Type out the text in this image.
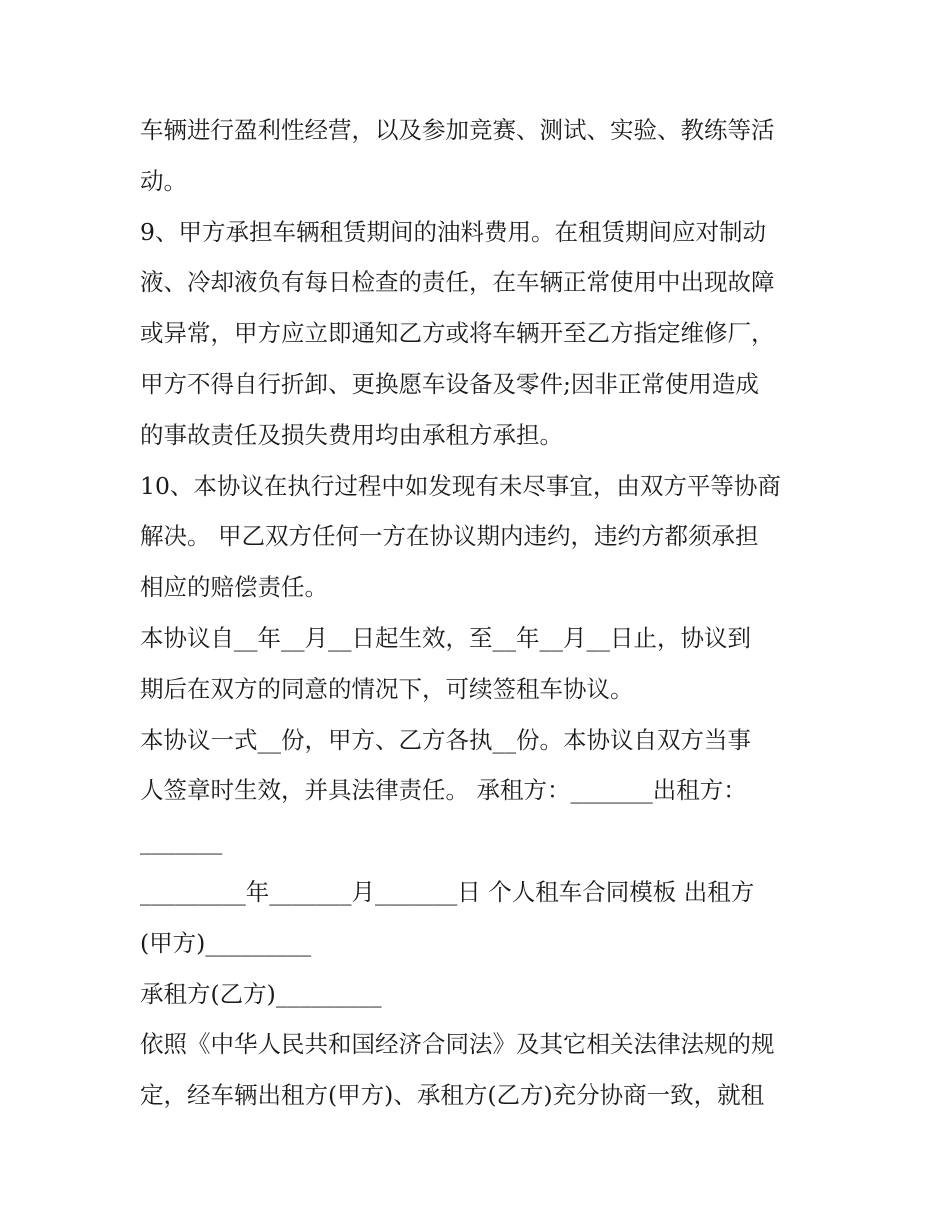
车辆进行盈利性经营，以及参加竞赛、测试、实验、教练等活
动。
9、甲方承担车辆租赁期间的油料费用。在租赁期间应对制动
液、冷却液负有每日检查的责任，在车辆正常使用中出现故障
或异常，甲方应立即通知乙方或将车辆开至乙方指定维修厂，
甲方不得自行折卸、更换愿车设备及零件;因非正常使用造成
的事故责任及损失费用均由承租方承担。
10、本协议在执行过程中如发现有未尽事宜，由双方平等协商
解决。 甲乙双方任何一方在协议期内违约，违约方都须承担
相应的赔偿责任。
本协议自__年__月__日起生效，至__年__月__日止，协议到
期后在双方的同意的情况下，可续签租车协议。
本协议一式__份，甲方、乙方各执__份。本协议自双方当事
人签章时生效，并具法律责任。 承租方：_______出租方：
_______
_________年_______月_______日 个人租车合同模板 出租方
(甲方)_________
承租方(乙方)_________
依照《中华人民共和国经济合同法》及其它相关法律法规的规
定，经车辆出租方(甲方)、承租方(乙方)充分协商一致，就租
